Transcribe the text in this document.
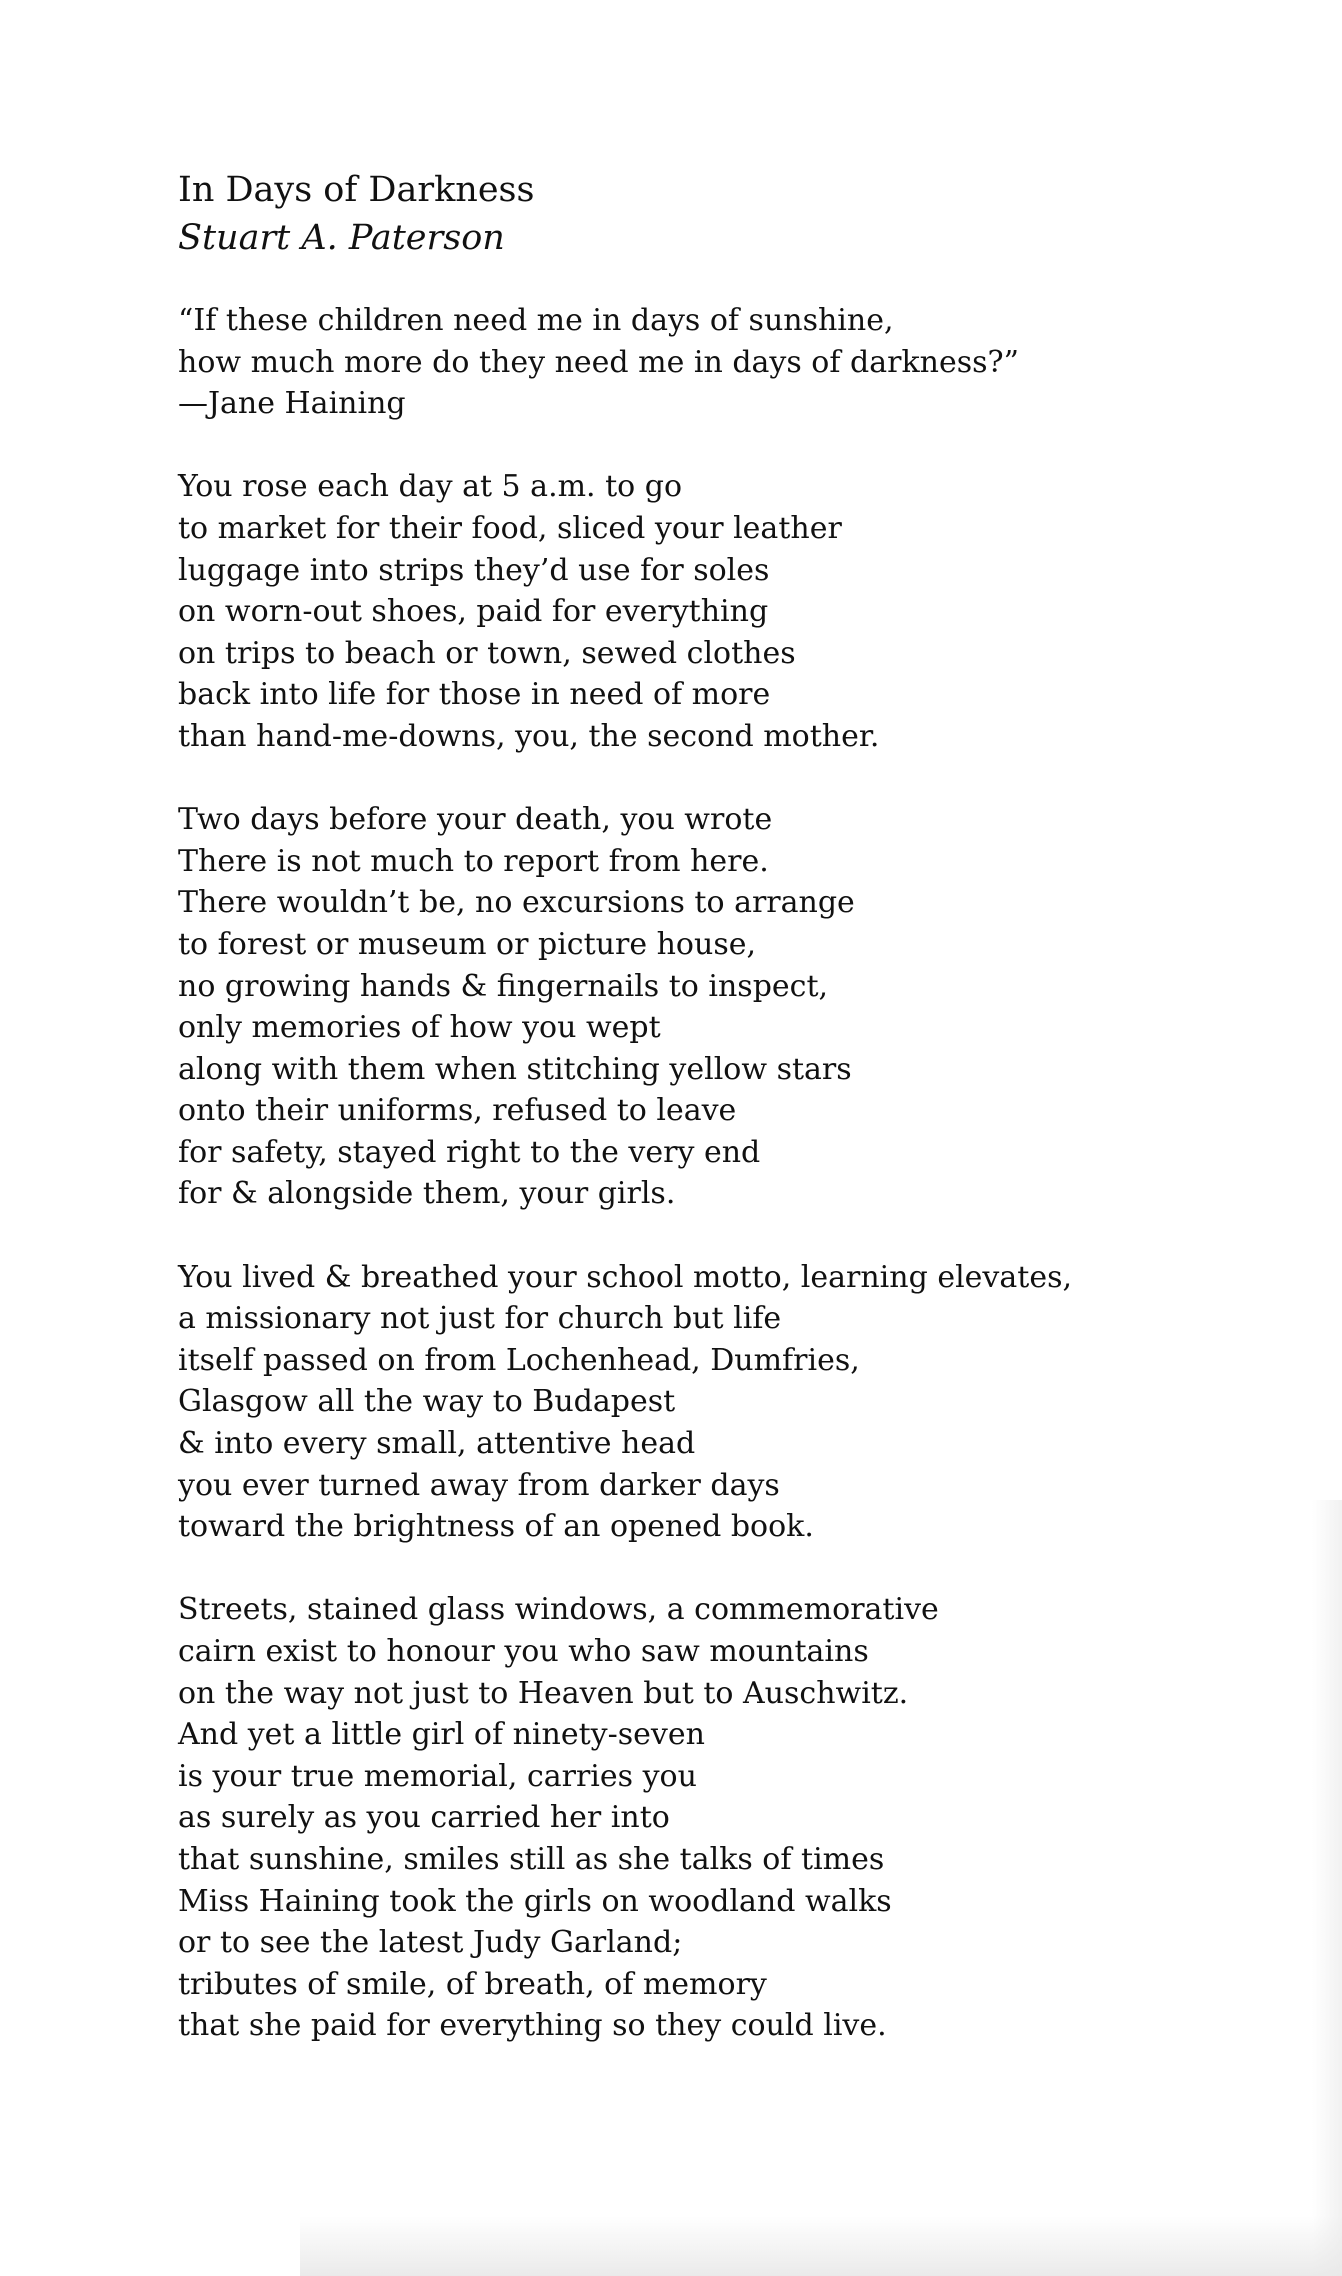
In Days of Darkness
Stuart A. Paterson
“If these children need me in days of sunshine,
how much more do they need me in days of darkness?”
—Jane Haining
You rose each day at 5 a.m. to go
to market for their food, sliced your leather
luggage into strips they’d use for soles
on worn-out shoes, paid for everything
on trips to beach or town, sewed clothes
back into life for those in need of more
than hand-me-downs, you, the second mother.
Two days before your death, you wrote
There is not much to report from here.
There wouldn’t be, no excursions to arrange
to forest or museum or picture house,
no growing hands & fingernails to inspect,
only memories of how you wept
along with them when stitching yellow stars
onto their uniforms, refused to leave
for safety, stayed right to the very end
for & alongside them, your girls.
You lived & breathed your school motto, learning elevates,
a missionary not just for church but life
itself passed on from Lochenhead, Dumfries,
Glasgow all the way to Budapest
& into every small, attentive head
you ever turned away from darker days
toward the brightness of an opened book.
Streets, stained glass windows, a commemorative
cairn exist to honour you who saw mountains
on the way not just to Heaven but to Auschwitz.
And yet a little girl of ninety-seven
is your true memorial, carries you
as surely as you carried her into
that sunshine, smiles still as she talks of times
Miss Haining took the girls on woodland walks
or to see the latest Judy Garland;
tributes of smile, of breath, of memory
that she paid for everything so they could live.
